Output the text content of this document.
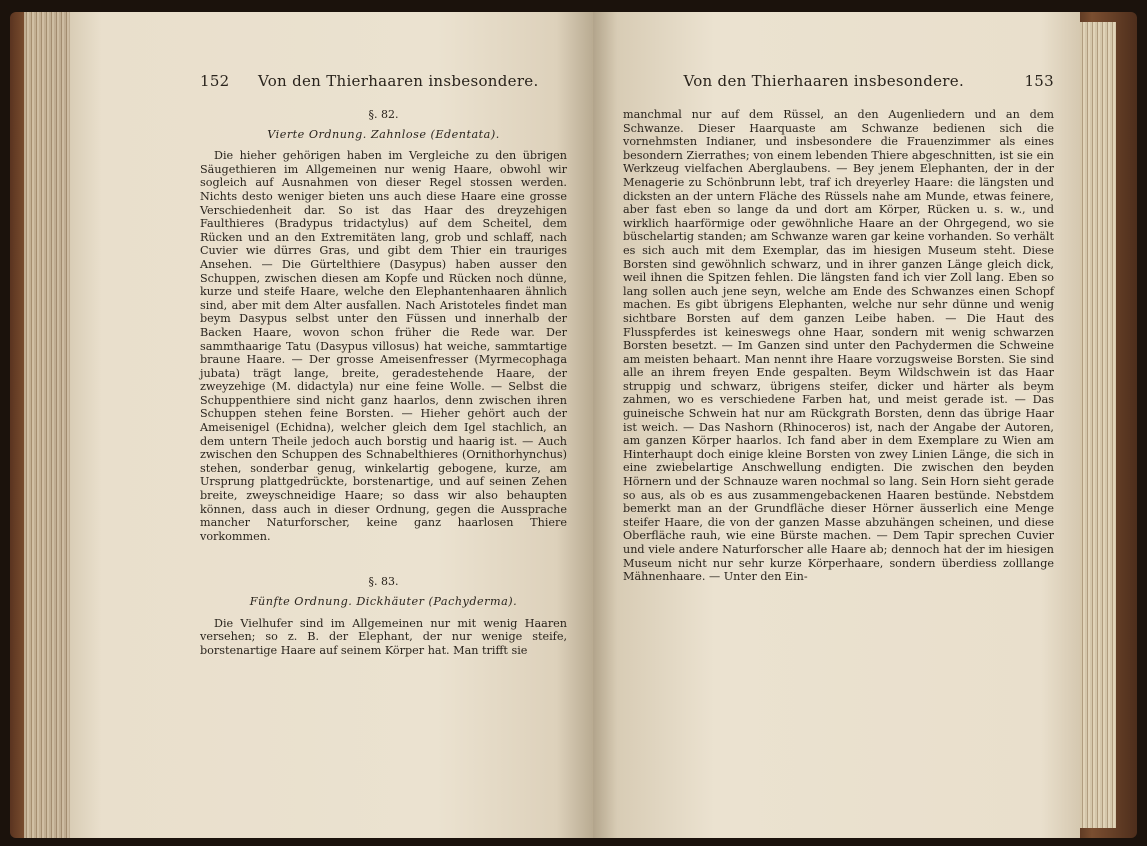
152 Von den Thierhaaren insbesondere.
§. 82.
Vierte Ordnung. Zahnlose (Edentata).

Die hieher gehörigen haben im Vergleiche zu den übrigen Säugethieren im Allgemeinen nur wenig Haare, obwohl wir sogleich auf Ausnahmen von dieser Regel stossen werden. Nichts desto weniger bieten uns auch diese Haare eine grosse Verschiedenheit dar. So ist das Haar des dreyzehigen Faulthieres (Bradypus tridactylus) auf dem Scheitel, dem Rücken und an den Extremitäten lang, grob und schlaff, nach Cuvier wie dürres Gras, und gibt dem Thier ein trauriges Ansehen. — Die Gürtelthiere (Dasypus) haben ausser den Schuppen, zwischen diesen am Kopfe und Rücken noch dünne, kurze und steife Haare, welche den Elephantenhaaren ähnlich sind, aber mit dem Alter ausfallen. Nach Aristoteles findet man beym Dasypus selbst unter den Füssen und innerhalb der Backen Haare, wovon schon früher die Rede war. Der sammthaarige Tatu (Dasypus villosus) hat weiche, sammtartige braune Haare. — Der grosse Ameisenfresser (Myrmecophaga jubata) trägt lange, breite, geradestehende Haare, der zweyzehige (M. didactyla) nur eine feine Wolle. — Selbst die Schuppenthiere sind nicht ganz haarlos, denn zwischen ihren Schuppen stehen feine Borsten. — Hieher gehört auch der Ameisenigel (Echidna), welcher gleich dem Igel stachlich, an dem untern Theile jedoch auch borstig und haarig ist. — Auch zwischen den Schuppen des Schnabelthieres (Ornithorhynchus) stehen, sonderbar genug, winkelartig gebogene, kurze, am Ursprung plattgedrückte, borstenartige, und auf seinen Zehen breite, zweyschneidige Haare; so dass wir also behaupten können, dass auch in dieser Ordnung, gegen die Aussprache mancher Naturforscher, keine ganz haarlosen Thiere vorkommen.

§. 83.
Fünfte Ordnung. Dickhäuter (Pachyderma).

Die Vielhufer sind im Allgemeinen nur mit wenig Haaren versehen; so z. B. der Elephant, der nur wenige steife, borstenartige Haare auf seinem Körper hat. Man trifft sie

Von den Thierhaaren insbesondere.	153

manchmal nur auf dem Rüssel, an den Augenliedern und an dem Schwanze. Dieser Haarquaste am Schwanze bedienen sich die vornehmsten Indianer, und insbesondere die Frauenzimmer als eines besondern Zierrathes; von einem lebenden Thiere abgeschnitten, ist sie ein Werkzeug vielfachen Aberglaubens. — Bey jenem Elephanten, der in der Menagerie zu Schönbrunn lebt, traf ich dreyerley Haare: die längsten und dicksten an der untern Fläche des Rüssels nahe am Munde, etwas feinere, aber fast eben so lange da und dort am Körper, Rücken u. s. w., und wirklich haarförmige oder gewöhnliche Haare an der Ohrgegend, wo sie büschelartig standen; am Schwanze waren gar keine vorhanden. So verhält es sich auch mit dem Exemplar, das im hiesigen Museum steht. Diese Borsten sind gewöhnlich schwarz, und in ihrer ganzen Länge gleich dick, weil ihnen die Spitzen fehlen. Die längsten fand ich vier Zoll lang. Eben so lang sollen auch jene seyn, welche am Ende des Schwanzes einen Schopf machen. Es gibt übrigens Elephanten, welche nur sehr dünne und wenig sichtbare Borsten auf dem ganzen Leibe haben. — Die Haut des Flusspferdes ist keineswegs ohne Haar, sondern mit wenig schwarzen Borsten besetzt. — Im Ganzen sind unter den Pachydermen die Schweine am meisten behaart. Man nennt ihre Haare vorzugsweise Borsten. Sie sind alle an ihrem freyen Ende gespalten. Beym Wildschwein ist das Haar struppig und schwarz, übrigens steifer, dicker und härter als beym zahmen, wo es verschiedene Farben hat, und meist gerade ist. — Das guineische Schwein hat nur am Rückgrath Borsten, denn das übrige Haar ist weich. — Das Nashorn (Rhinoceros) ist, nach der Angabe der Autoren, am ganzen Körper haarlos. Ich fand aber in dem Exemplare zu Wien am Hinterhaupt doch einige kleine Borsten von zwey Linien Länge, die sich in eine zwiebelartige Anschwellung endigten. Die zwischen den beyden Hörnern und der Schnauze waren nochmal so lang. Sein Horn sieht gerade so aus, als ob es aus zusammengebackenen Haaren bestünde. Nebstdem bemerkt man an der Grundfläche dieser Hörner äusserlich eine Menge steifer Haare, die von der ganzen Masse abzuhängen scheinen, und diese Oberfläche rauh, wie eine Bürste machen. — Dem Tapir sprechen Cuvier und viele andere Naturforscher alle Haare ab; dennoch hat der im hiesigen Museum nicht nur sehr kurze Körperhaare, sondern überdiess zolllange Mähnenhaare. — Unter den Ein-
